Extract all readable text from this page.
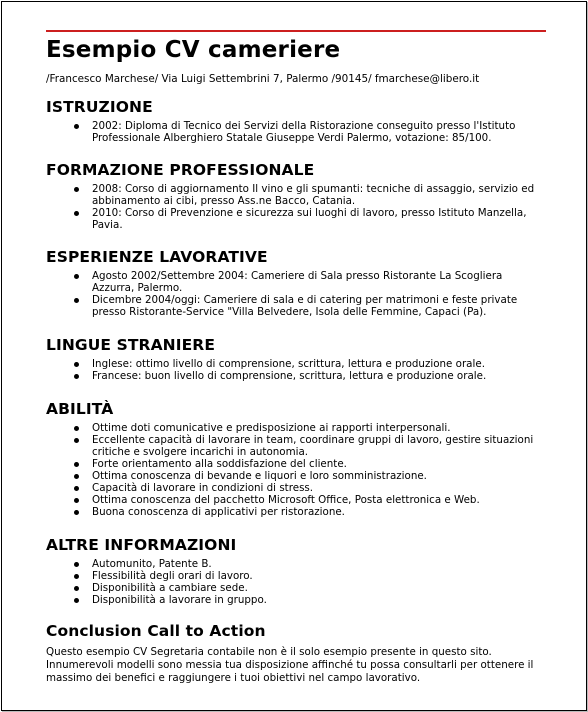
Esempio CV cameriere

/Francesco Marchese/ Via Luigi Settembrini 7, Palermo /90145/ fmarchese@libero.it

ISTRUZIONE
2002: Diploma di Tecnico dei Servizi della Ristorazione conseguito presso l'Istituto Professionale Alberghiero Statale Giuseppe Verdi Palermo, votazione: 85/100.
FORMAZIONE PROFESSIONALE
2008: Corso di aggiornamento Il vino e gli spumanti: tecniche di assaggio, servizio ed abbinamento ai cibi, presso Ass.ne Bacco, Catania.
2010: Corso di Prevenzione e sicurezza sui luoghi di lavoro, presso Istituto Manzella, Pavia.
ESPERIENZE LAVORATIVE
Agosto 2002/Settembre 2004: Cameriere di Sala presso Ristorante La Scogliera Azzurra, Palermo.
Dicembre 2004/oggi: Cameriere di sala e di catering per matrimoni e feste private presso Ristorante-Service "Villa Belvedere, Isola delle Femmine, Capaci (Pa).
LINGUE STRANIERE
Inglese: ottimo livello di comprensione, scrittura, lettura e produzione orale.
Francese: buon livello di comprensione, scrittura, lettura e produzione orale.
ABILITÀ
Ottime doti comunicative e predisposizione ai rapporti interpersonali.
Eccellente capacità di lavorare in team, coordinare gruppi di lavoro, gestire situazioni critiche e svolgere incarichi in autonomia.
Forte orientamento alla soddisfazione del cliente.
Ottima conoscenza di bevande e liquori e loro somministrazione.
Capacità di lavorare in condizioni di stress.
Ottima conoscenza del pacchetto Microsoft Office, Posta elettronica e Web.
Buona conoscenza di applicativi per ristorazione.
ALTRE INFORMAZIONI
Automunito, Patente B.
Flessibilità degli orari di lavoro.
Disponibilità a cambiare sede.
Disponibilità a lavorare in gruppo.
Conclusion Call to Action

Questo esempio CV Segretaria contabile non è il solo esempio presente in questo sito. Innumerevoli modelli sono messia tua disposizione affinché tu possa consultarli per ottenere il massimo dei benefici e raggiungere i tuoi obiettivi nel campo lavorativo.
